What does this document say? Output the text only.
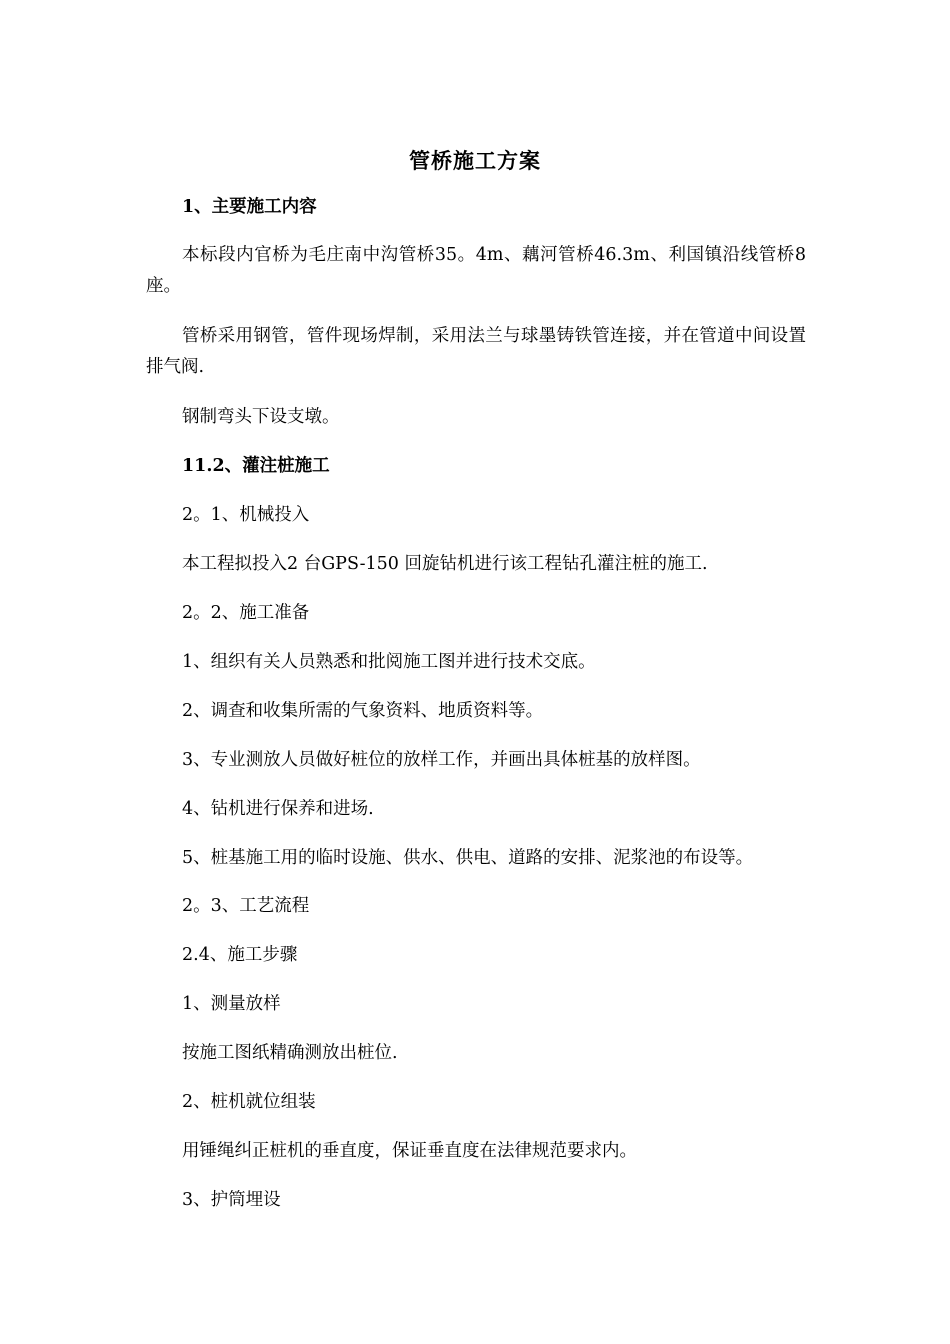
管桥施工方案
1、主要施工内容
本标段内官桥为毛庄南中沟管桥35。4m、藕河管桥46.3m、利国镇沿线管桥8座。
管桥采用钢管，管件现场焊制，采用法兰与球墨铸铁管连接，并在管道中间设置排气阀.
钢制弯头下设支墩。
11.2、灌注桩施工
2。1、机械投入
本工程拟投入2 台GPS-150 回旋钻机进行该工程钻孔灌注桩的施工.
2。2、施工准备
1、组织有关人员熟悉和批阅施工图并进行技术交底。
2、调查和收集所需的气象资料、地质资料等。
3、专业测放人员做好桩位的放样工作，并画出具体桩基的放样图。
4、钻机进行保养和进场.
5、桩基施工用的临时设施、供水、供电、道路的安排、泥浆池的布设等。
2。3、工艺流程
2.4、施工步骤
1、测量放样
按施工图纸精确测放出桩位.
2、桩机就位组装
用锤绳纠正桩机的垂直度，保证垂直度在法律规范要求内。
3、护筒埋设
